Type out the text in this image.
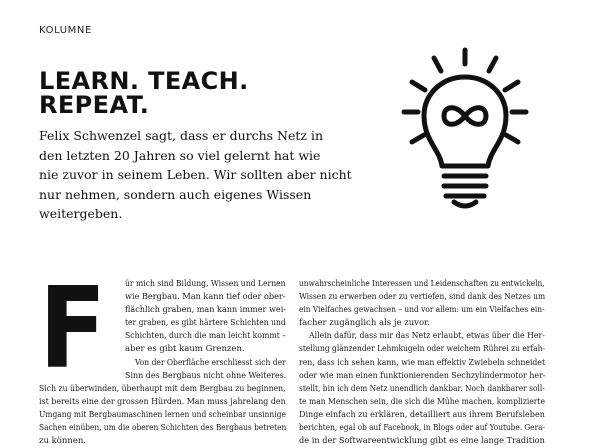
KOLUMNE
LEARN. TEACH.
REPEAT.

Felix Schwenzel sagt, dass er durchs Netz in
den letzten 20 Jahren so viel gelernt hat wie
nie zuvor in seinem Leben. Wir sollten aber nicht
nur nehmen, sondern auch eigenes Wissen
weitergeben.

F	ür mich sind Bildung, Wissen und Lernen
wie Bergbau. Man kann tief oder ober-
flächlich graben, man kann immer wei-
ter graben, es gibt härtere Schichten und
Schichten, durch die man leicht kommt –
aber es gibt kaum Grenzen.
Von der Oberfläche erschliesst sich der
Sinn des Bergbaus nicht ohne Weiteres.
Sich zu überwinden, überhaupt mit dem Bergbau zu beginnen,
ist bereits eine der grossen Hürden. Man muss jahrelang den
Umgang mit Bergbaumaschinen lernen und scheinbar unsinnige
Sachen einüben, um die oberen Schichten des Bergbaus betreten
zu können.
unwahrscheinliche Interessen und Leidenschaften zu entwickeln,
Wissen zu erwerben oder zu vertiefen, sind dank des Netzes um
ein Vielfaches gewachsen – und vor allem: um ein Vielfaches ein-
facher zugänglich als je zuvor.
Allein dafür, dass mir das Netz erlaubt, etwas über die Her-
stellung glänzender Lehmkugeln oder weichem Rührei zu erfah-
ren, dass ich sehen kann, wie man effektiv Zwiebeln schneidet
oder wie man einen funktionierenden Sechzylindermotor her-
stellt, bin ich dem Netz unendlich dankbar. Noch dankbarer soll-
te man Menschen sein, die sich die Mühe machen, komplizierte
Dinge einfach zu erklären, detailliert aus ihrem Berufsleben
berichten, egal ob auf Facebook, in Blogs oder auf Youtube. Gera-
de in der Softwareentwicklung gibt es eine lange Tradition
